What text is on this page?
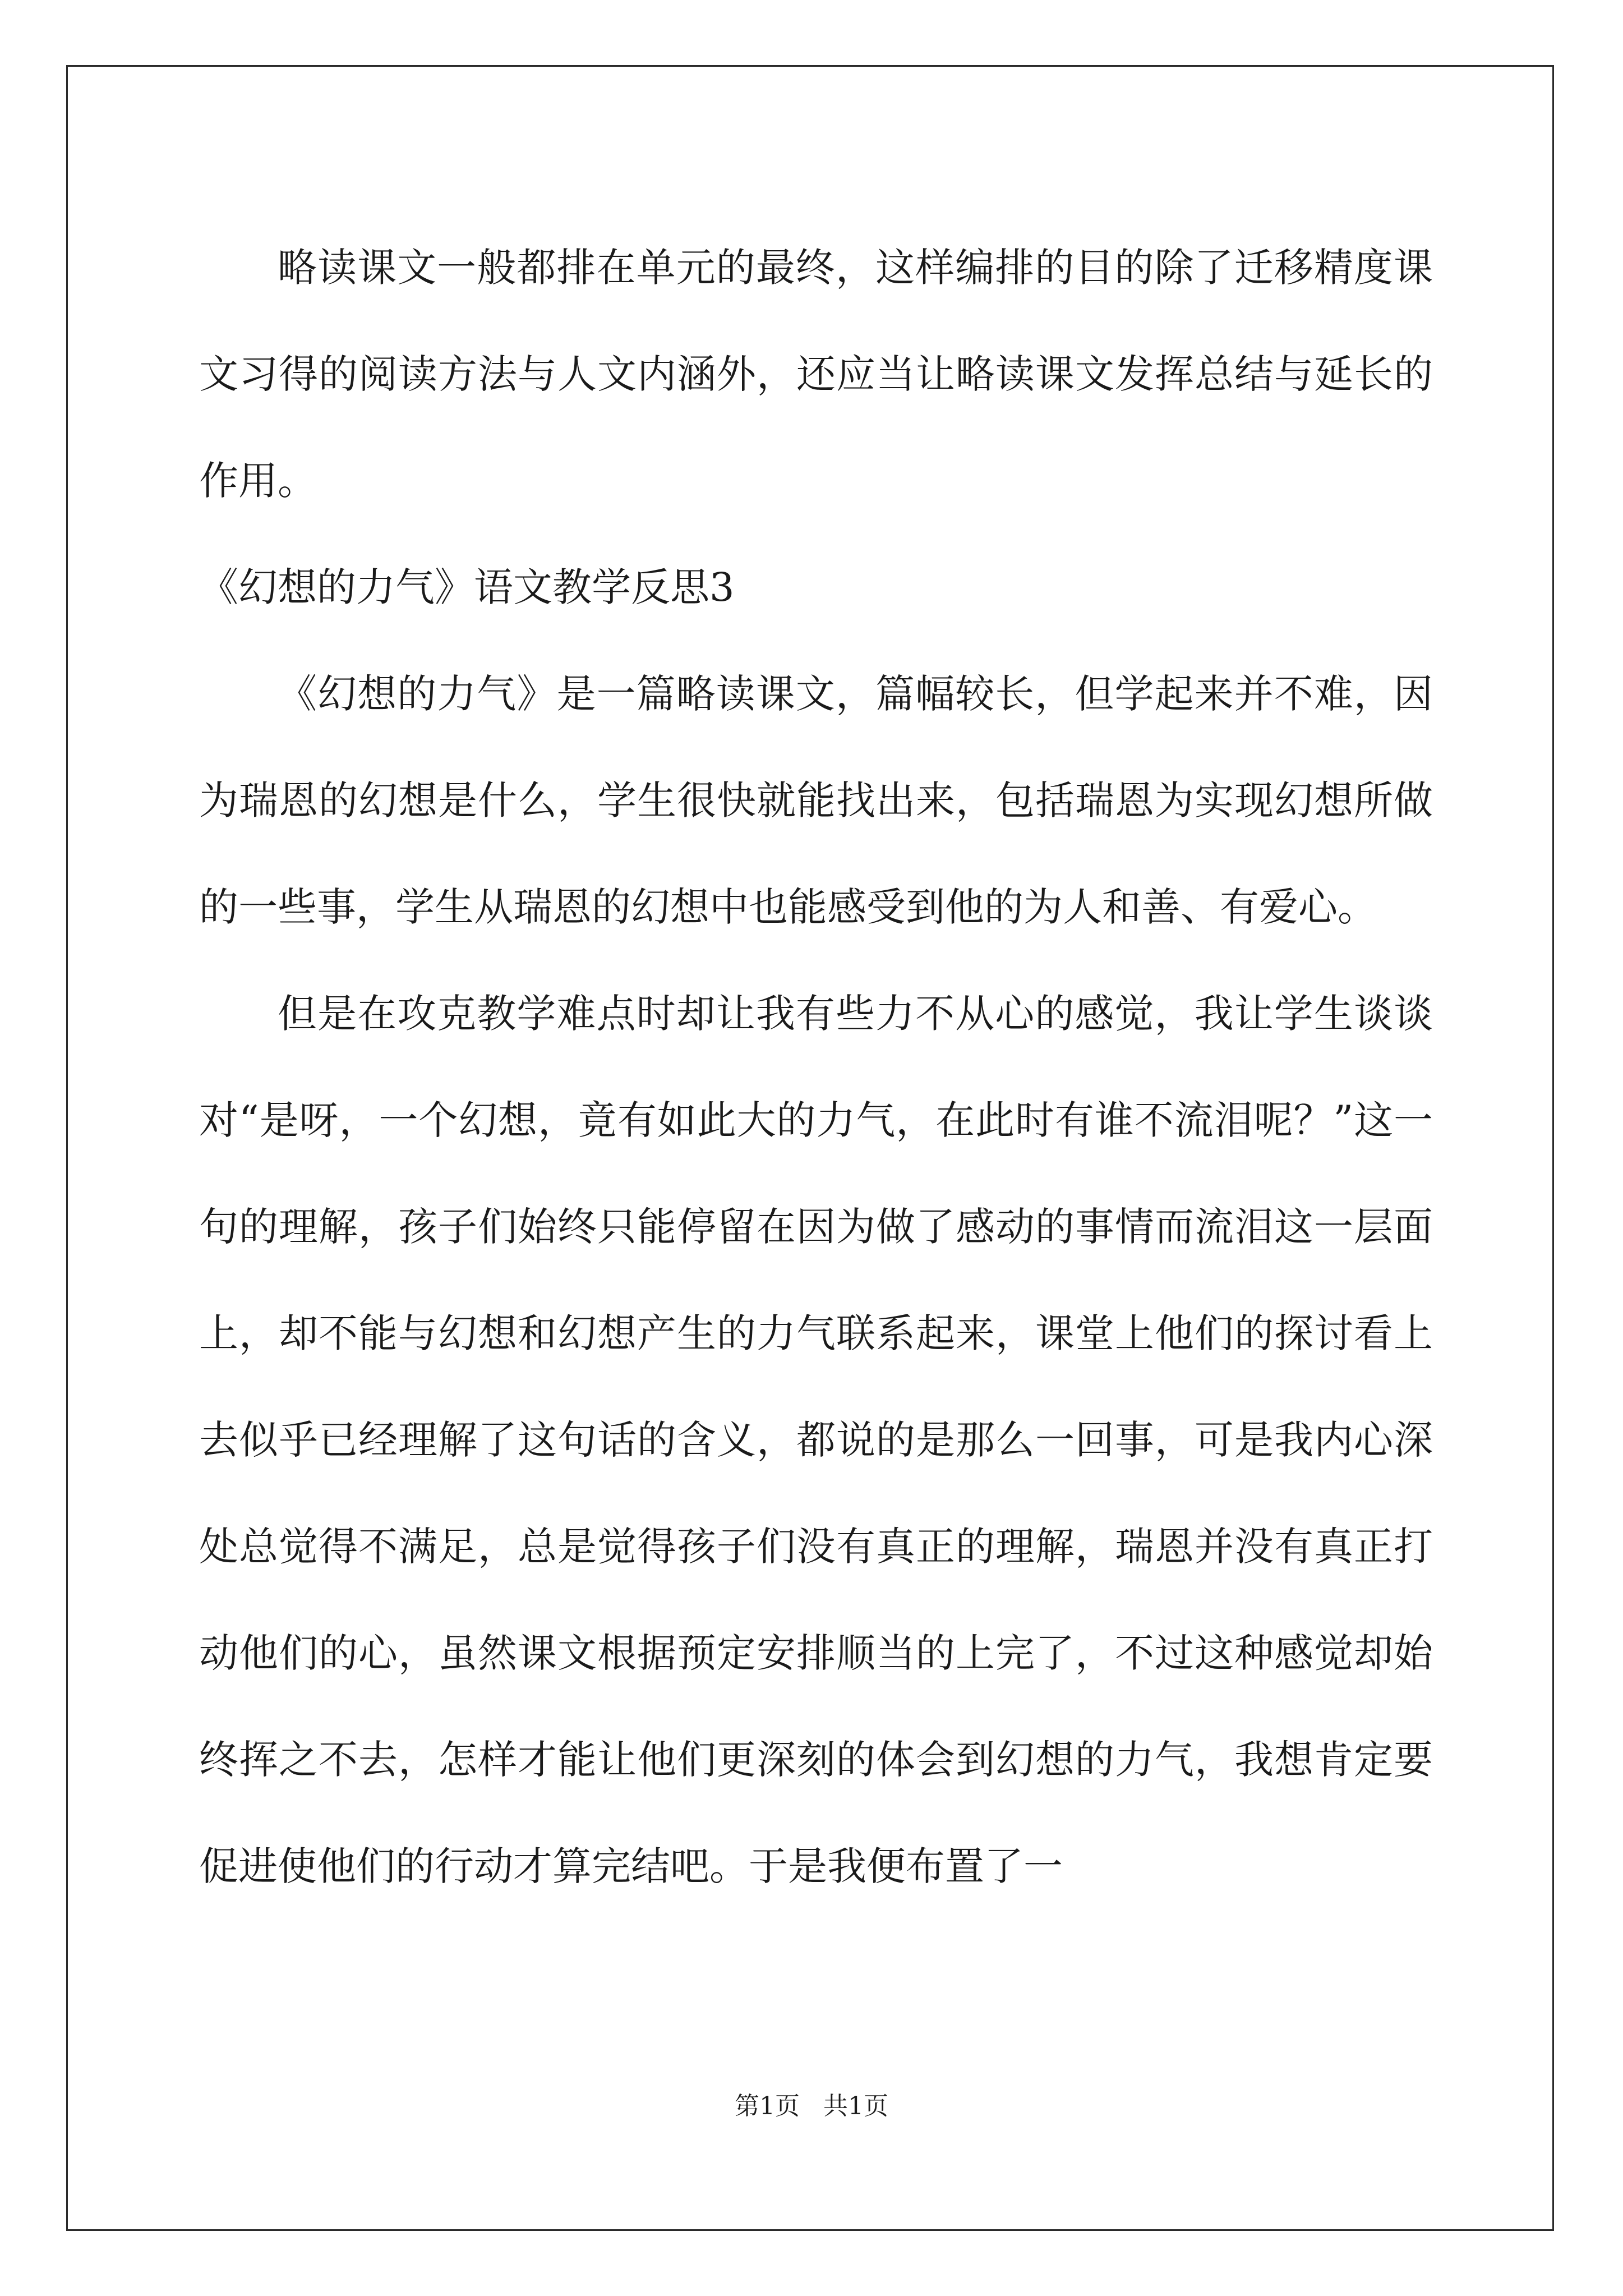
略读课文一般都排在单元的最终，这样编排的目的除了迁移精度课文习得的阅读方法与人文内涵外，还应当让略读课文发挥总结与延长的作用。

《幻想的力气》语文教学反思3

《幻想的力气》是一篇略读课文，篇幅较长，但学起来并不难，因为瑞恩的幻想是什么，学生很快就能找出来，包括瑞恩为实现幻想所做的一些事，学生从瑞恩的幻想中也能感受到他的为人和善、有爱心。

但是在攻克教学难点时却让我有些力不从心的感觉，我让学生谈谈对“是呀，一个幻想，竟有如此大的力气，在此时有谁不流泪呢？”这一句的理解，孩子们始终只能停留在因为做了感动的事情而流泪这一层面上，却不能与幻想和幻想产生的力气联系起来，课堂上他们的探讨看上去似乎已经理解了这句话的含义，都说的是那么一回事，可是我内心深处总觉得不满足，总是觉得孩子们没有真正的理解，瑞恩并没有真正打动他们的心，虽然课文根据预定安排顺当的上完了，不过这种感觉却始终挥之不去，怎样才能让他们更深刻的体会到幻想的力气，我想肯定要促进使他们的行动才算完结吧。于是我便布置了一

第1页   共1页
